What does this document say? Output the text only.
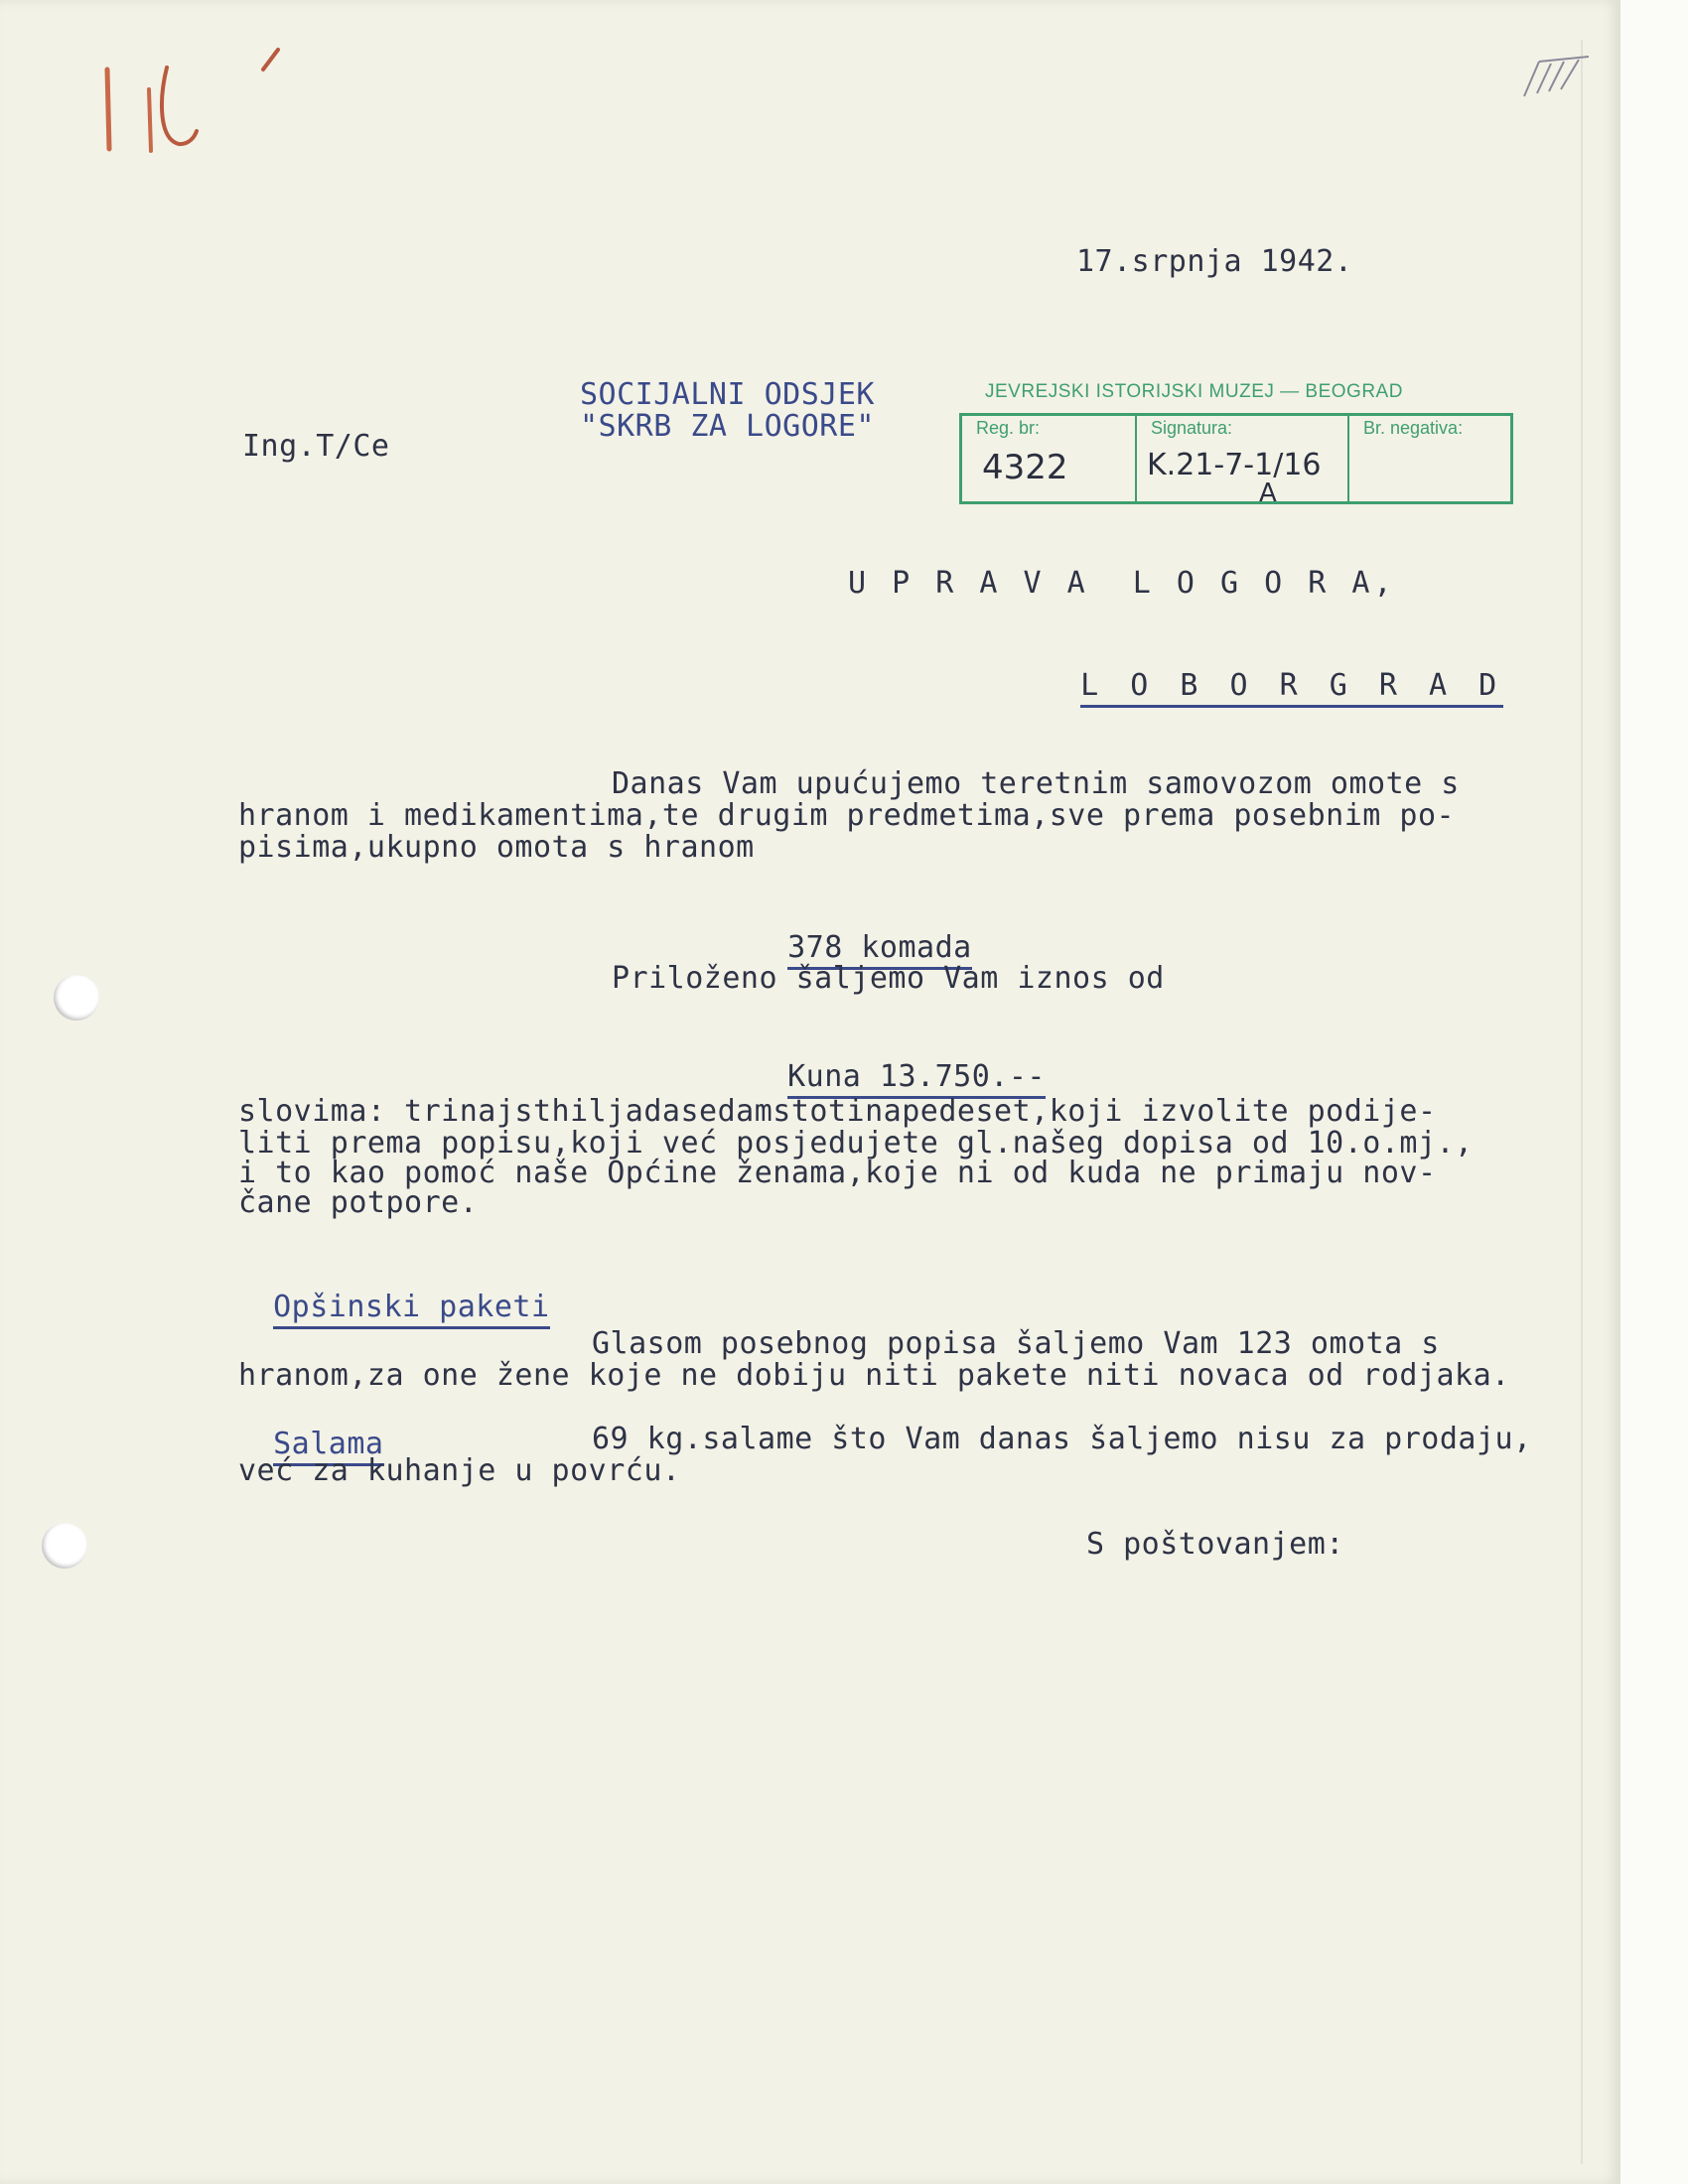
17.srpnja 1942.
SOCIJALNI ODSJEK
"SKRB ZA LOGORE"
Ing.T/Ce
JEVREJSKI ISTORIJSKI MUZEJ — BEOGRAD
Reg. br:
4322
Signatura:
K.21-7-1/16
Br. negativa:
A
U P R A V A  L O G O R A,

L O B O R G R A D

Danas Vam upućujemo teretnim samovozom omote s
hranom i medikamentima,te drugim predmetima,sve prema posebnim po-
pisima,ukupno omota s hranom

378 komada

Priloženo šaljemo Vam iznos od

Kuna 13.750.--

slovima: trinajsthiljadasedamstotinapedeset,koji izvolite podije-
liti prema popisu,koji već posjedujete gl.našeg dopisa od 10.o.mj.,
i to kao pomoć naše Općine ženama,koje ni od kuda ne primaju nov-
čane potpore.

Opšinski paketi

Glasom posebnog popisa šaljemo Vam 123 omota s
hranom,za one žene koje ne dobiju niti pakete niti novaca od rodjaka.

Salama	69 kg.salame što Vam danas šaljemo nisu za prodaju,
već za kuhanje u povrću.
S poštovanjem:
